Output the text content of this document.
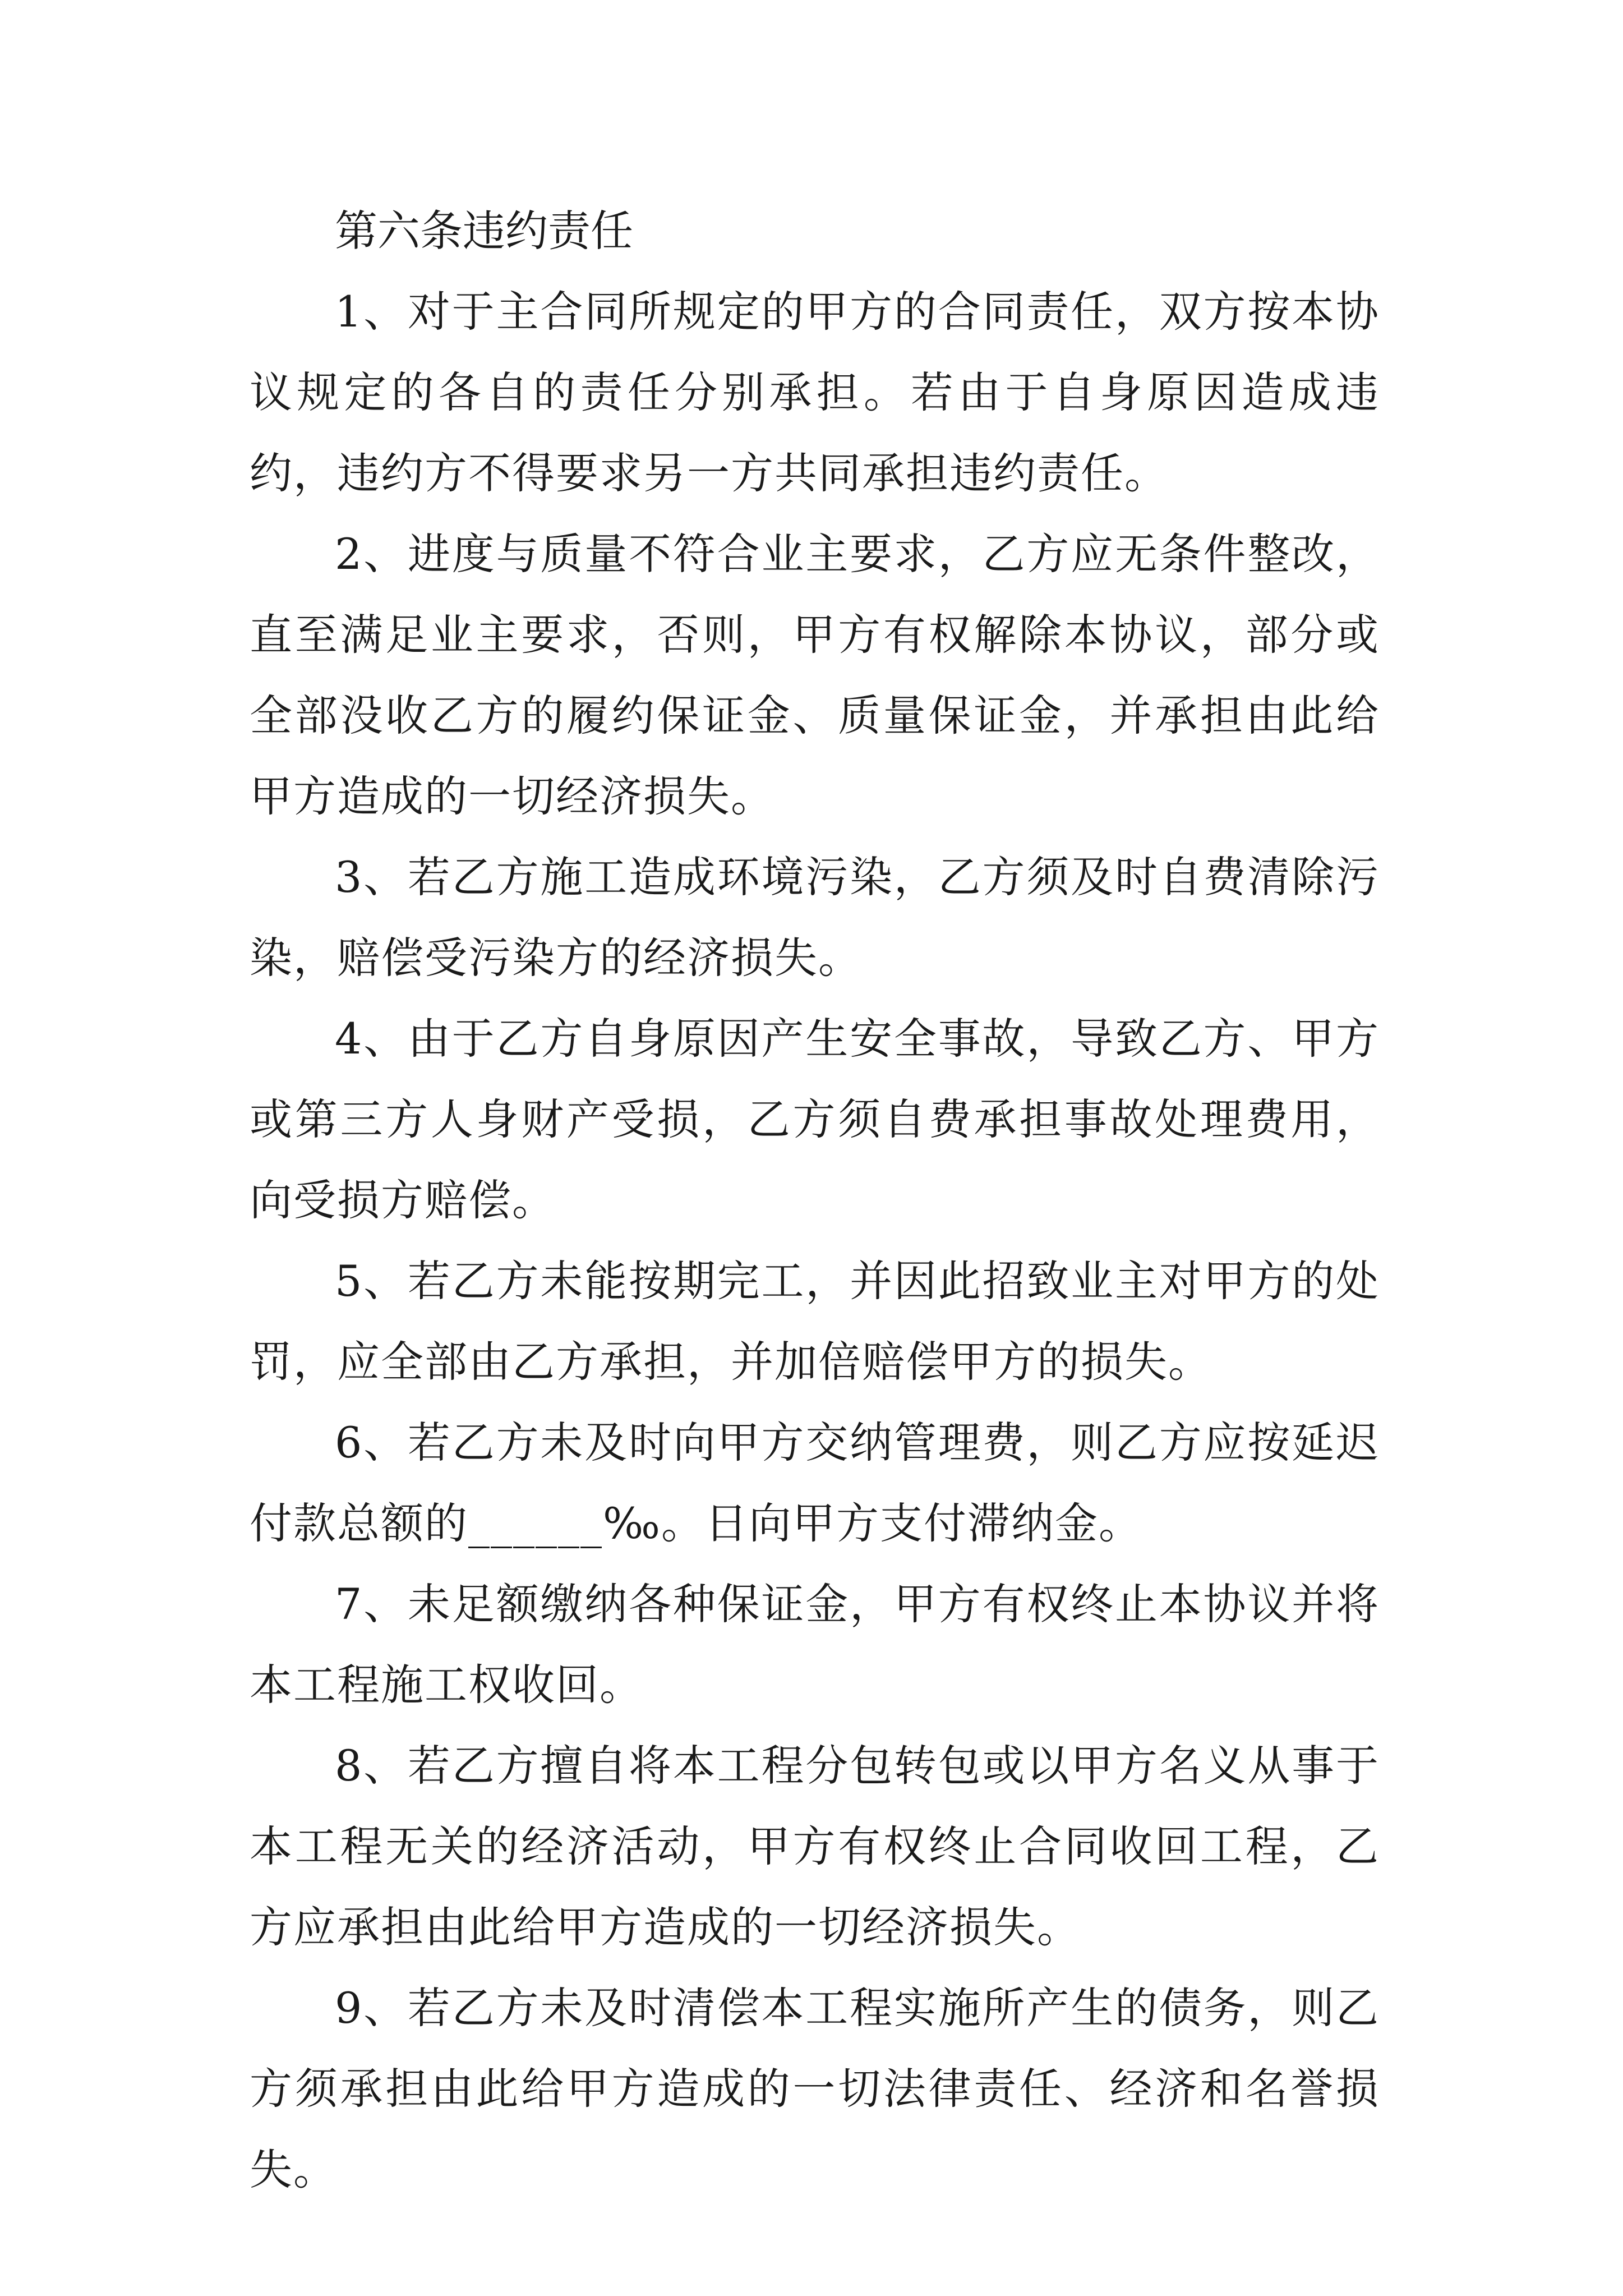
第六条违约责任

1、对于主合同所规定的甲方的合同责任，双方按本协议规定的各自的责任分别承担。若由于自身原因造成违约，违约方不得要求另一方共同承担违约责任。

2、进度与质量不符合业主要求，乙方应无条件整改，直至满足业主要求，否则，甲方有权解除本协议，部分或全部没收乙方的履约保证金、质量保证金，并承担由此给甲方造成的一切经济损失。

3、若乙方施工造成环境污染，乙方须及时自费清除污染，赔偿受污染方的经济损失。

4、由于乙方自身原因产生安全事故，导致乙方、甲方或第三方人身财产受损，乙方须自费承担事故处理费用，向受损方赔偿。

5、若乙方未能按期完工，并因此招致业主对甲方的处罚，应全部由乙方承担，并加倍赔偿甲方的损失。

6、若乙方未及时向甲方交纳管理费，则乙方应按延迟付款总额的______‰。日向甲方支付滞纳金。

7、未足额缴纳各种保证金，甲方有权终止本协议并将本工程施工权收回。

8、若乙方擅自将本工程分包转包或以甲方名义从事于本工程无关的经济活动，甲方有权终止合同收回工程，乙方应承担由此给甲方造成的一切经济损失。

9、若乙方未及时清偿本工程实施所产生的债务，则乙方须承担由此给甲方造成的一切法律责任、经济和名誉损失。
